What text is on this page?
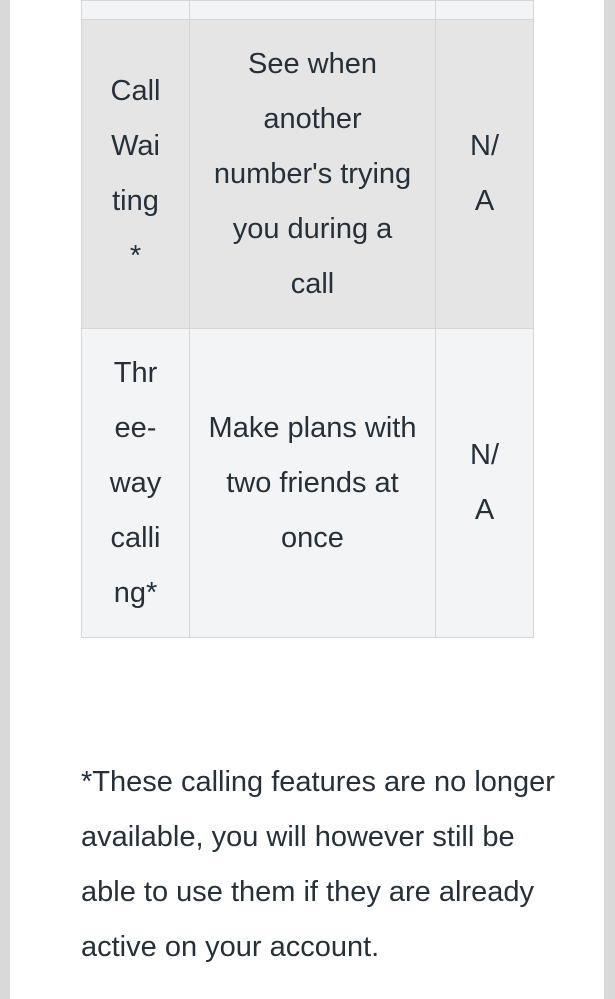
Call Waiting *	See when another number's trying you during a call	N/A
Three-way calling*	Make plans with two friends at once	N/A

*These calling features are no longer available, you will however still be able to use them if they are already active on your account.
